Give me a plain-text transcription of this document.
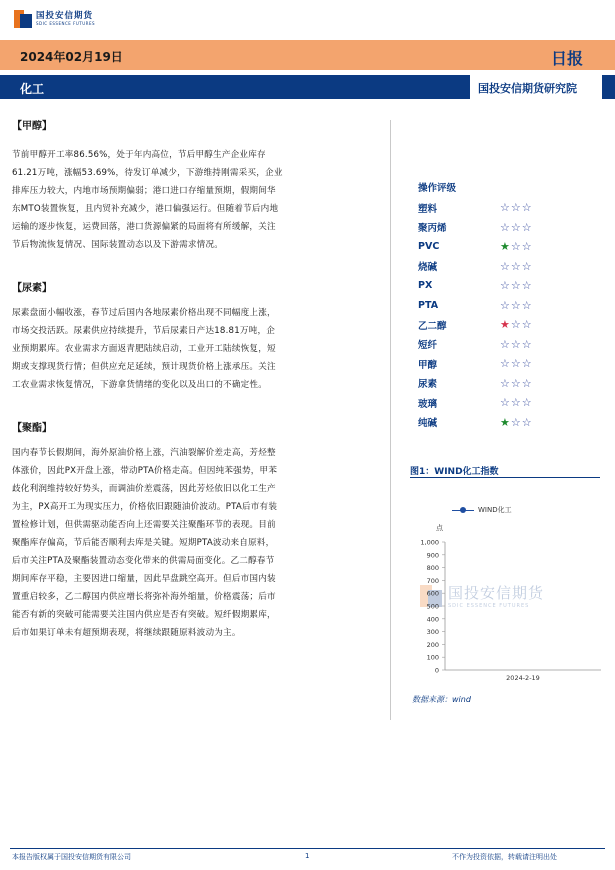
国投安信期货
SDIC ESSENCE FUTURES
2024年02月19日	日报
化工	国投安信期货研究院

【甲醇】

节前甲醇开工率86.56%，处于年内高位，节后甲醇生产企业库存

61.21万吨，涨幅53.69%，待发订单减少，下游维持刚需采买，企业

排库压力较大，内地市场预期偏弱；港口进口存缩量预期，假期间华

东MTO装置恢复，且内贸补充减少，港口偏强运行。但随着节后内地

运输的逐步恢复，运费回落，港口货源偏紧的局面将有所缓解，关注

节后物流恢复情况、国际装置动态以及下游需求情况。

【尿素】

尿素盘面小幅收涨，春节过后国内各地尿素价格出现不同幅度上涨，

市场交投活跃。尿素供应持续提升，节后尿素日产达18.81万吨，企

业预期累库。农业需求方面返青肥陆续启动，工业开工陆续恢复，短

期或支撑现货行情；但供应充足延续，预计现货价格上涨承压。关注

工农业需求恢复情况，下游拿货情绪的变化以及出口的不确定性。

【聚酯】

国内春节长假期间，海外原油价格上涨，汽油裂解价差走高，芳烃整

体涨价，因此PX开盘上涨，带动PTA价格走高。但因纯苯强势，甲苯

歧化利润维持较好势头，而调油价差震荡，因此芳烃依旧以化工生产

为主，PX高开工为现实压力，价格依旧跟随油价波动。PTA后市有装

置检修计划，但供需驱动能否向上还需要关注聚酯环节的表现。目前

聚酯库存偏高，节后能否顺利去库是关键。短期PTA波动来自原料，

后市关注PTA及聚酯装置动态变化带来的供需局面变化。乙二醇春节

期间库存平稳，主要因进口缩量，因此早盘跳空高开。但后市国内装

置重启较多，乙二醇国内供应增长将弥补海外缩量，价格震荡；后市

能否有新的突破可能需要关注国内供应是否有突破。短纤假期累库，

后市如果订单未有超预期表现，将继续跟随原料波动为主。

操作评级
塑料	☆☆☆
聚丙烯	☆☆☆
PVC	★☆☆
烧碱	☆☆☆
PX	☆☆☆
PTA	☆☆☆
乙二醇	★☆☆
短纤	☆☆☆
甲醇	☆☆☆
尿素	☆☆☆
玻璃	☆☆☆
纯碱	★☆☆
图1：WIND化工指数
WIND化工
点
国投安信期货
SDIC ESSENCE FUTURES
1,000
900
800
700
600
500
400
300
200
100
0
2024-2-19
数据来源：wind
本报告版权属于国投安信期货有限公司	1	不作为投资依据，转载请注明出处
